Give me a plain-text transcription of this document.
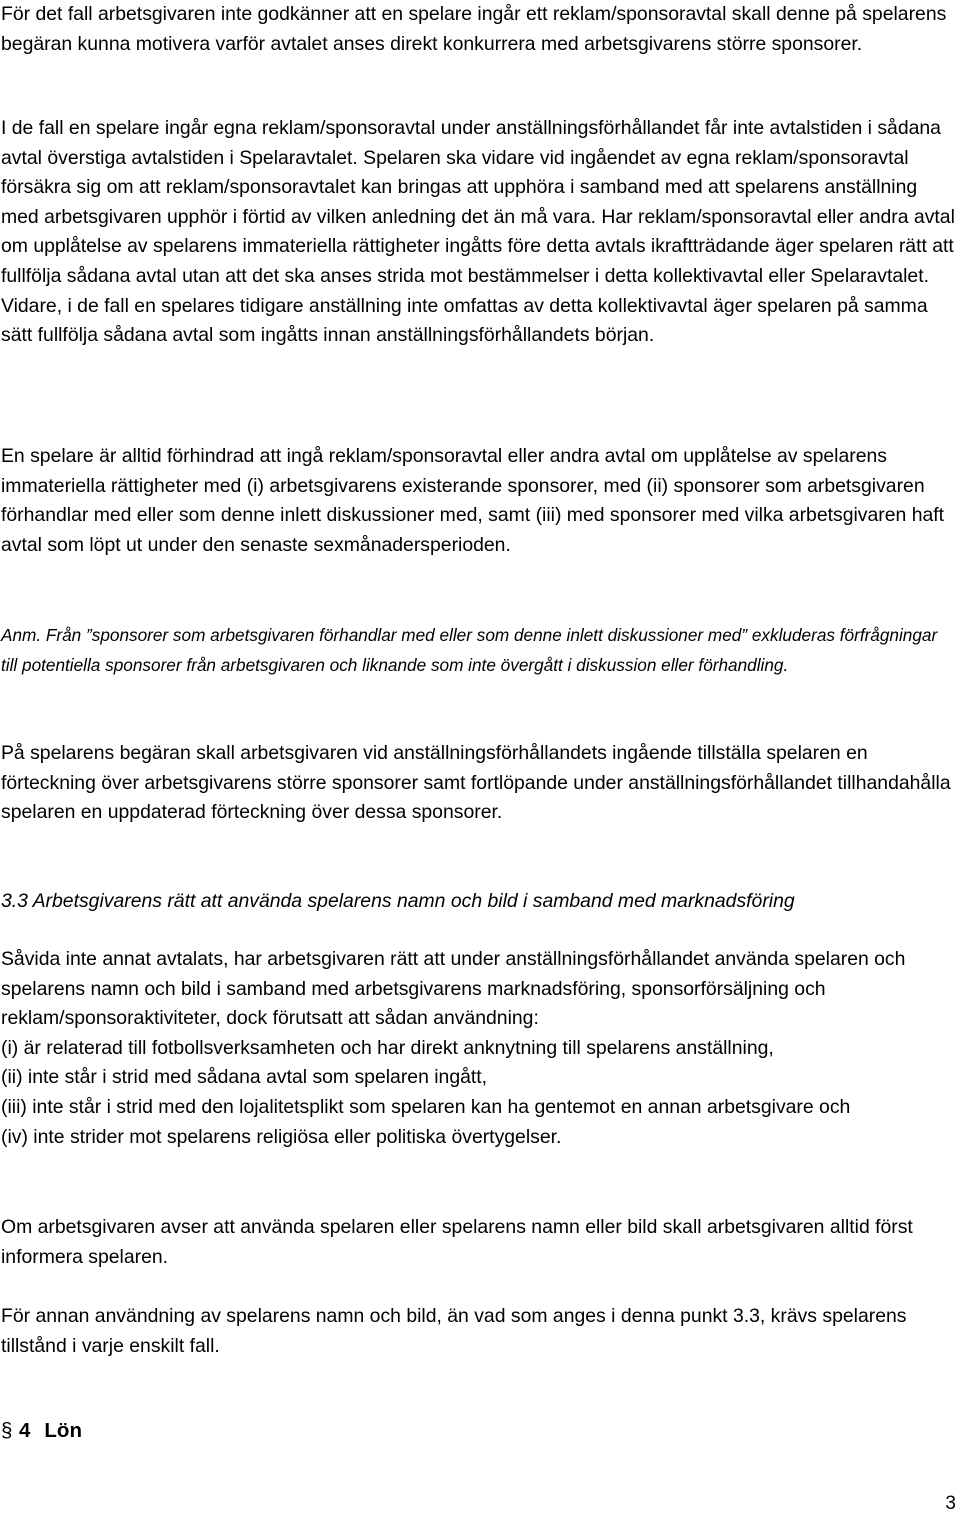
För det fall arbetsgivaren inte godkänner att en spelare ingår ett reklam/sponsoravtal skall denne på spelarens begäran kunna motivera varför avtalet anses direkt konkurrera med arbetsgivarens större sponsorer.

I de fall en spelare ingår egna reklam/sponsoravtal under anställningsförhållandet får inte avtalstiden i sådana avtal överstiga avtalstiden i Spelaravtalet. Spelaren ska vidare vid ingåendet av egna reklam/sponsoravtal försäkra sig om att reklam/sponsoravtalet kan bringas att upphöra i samband med att spelarens anställning med arbetsgivaren upphör i förtid av vilken anledning det än må vara. Har reklam/sponsoravtal eller andra avtal om upplåtelse av spelarens immateriella rättigheter ingåtts före detta avtals ikraftträdande äger spelaren rätt att fullfölja sådana avtal utan att det ska anses strida mot bestämmelser i detta kollektivavtal eller Spelaravtalet. Vidare, i de fall en spelares tidigare anställning inte omfattas av detta kollektivavtal äger spelaren på samma sätt fullfölja sådana avtal som ingåtts innan anställningsförhållandets början.

En spelare är alltid förhindrad att ingå reklam/sponsoravtal eller andra avtal om upplåtelse av spelarens immateriella rättigheter med (i) arbetsgivarens existerande sponsorer, med (ii) sponsorer som arbetsgivaren förhandlar med eller som denne inlett diskussioner med, samt (iii) med sponsorer med vilka arbetsgivaren haft avtal som löpt ut under den senaste sexmånadersperioden.

Anm. Från ”sponsorer som arbetsgivaren förhandlar med eller som denne inlett diskussioner med” exkluderas förfrågningar till potentiella sponsorer från arbetsgivaren och liknande som inte övergått i diskussion eller förhandling.

På spelarens begäran skall arbetsgivaren vid anställningsförhållandets ingående tillställa spelaren en förteckning över arbetsgivarens större sponsorer samt fortlöpande under anställningsförhållandet tillhandahålla spelaren en uppdaterad förteckning över dessa sponsorer.

3.3 Arbetsgivarens rätt att använda spelarens namn och bild i samband med marknadsföring

Såvida inte annat avtalats, har arbetsgivaren rätt att under anställningsförhållandet använda spelaren och spelarens namn och bild i samband med arbetsgivarens marknadsföring, sponsorförsäljning och reklam/sponsoraktiviteter, dock förutsatt att sådan användning:

(i) är relaterad till fotbollsverksamheten och har direkt anknytning till spelarens anställning,

(ii) inte står i strid med sådana avtal som spelaren ingått,

(iii) inte står i strid med den lojalitetsplikt som spelaren kan ha gentemot en annan arbetsgivare och

(iv) inte strider mot spelarens religiösa eller politiska övertygelser.

Om arbetsgivaren avser att använda spelaren eller spelarens namn eller bild skall arbetsgivaren alltid först informera spelaren.

För annan användning av spelarens namn och bild, än vad som anges i denna punkt 3.3, krävs spelarens tillstånd i varje enskilt fall.

§ 4 Lön
3
